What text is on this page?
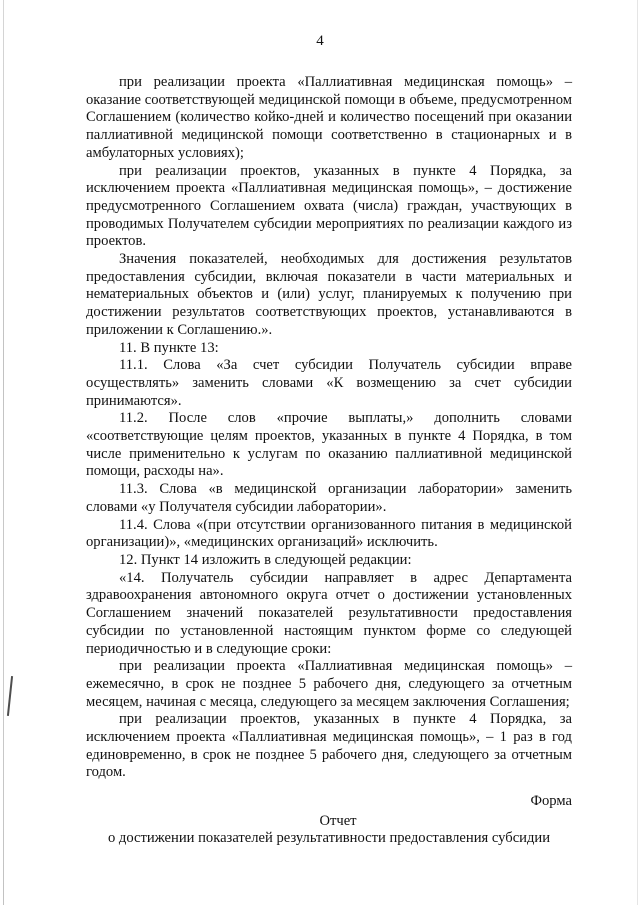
4

при реализации проекта «Паллиативная медицинская помощь» – оказание соответствующей медицинской помощи в объеме, предусмотренном Соглашением (количество койко-дней и количество посещений при оказании паллиативной медицинской помощи соответственно в стационарных и в амбулаторных условиях);

при реализации проектов, указанных в пункте 4 Порядка, за исключением проекта «Паллиативная медицинская помощь», – достижение предусмотренного Соглашением охвата (числа) граждан, участвующих в проводимых Получателем субсидии мероприятиях по реализации каждого из проектов.

Значения показателей, необходимых для достижения результатов предоставления субсидии, включая показатели в части материальных и нематериальных объектов и (или) услуг, планируемых к получению при достижении результатов соответствующих проектов, устанавливаются в приложении к Соглашению.».

11. В пункте 13:

11.1. Слова «За счет субсидии Получатель субсидии вправе осуществлять» заменить словами «К возмещению за счет субсидии принимаются».

11.2. После слов «прочие выплаты,» дополнить словами «соответствующие целям проектов, указанных в пункте 4 Порядка, в том числе применительно к услугам по оказанию паллиативной медицинской помощи, расходы на».

11.3. Слова «в медицинской организации лаборатории» заменить словами «у Получателя субсидии лаборатории».

11.4. Слова «(при отсутствии организованного питания в медицинской организации)», «медицинских организаций» исключить.

12. Пункт 14 изложить в следующей редакции:

«14. Получатель субсидии направляет в адрес Департамента здравоохранения автономного округа отчет о достижении установленных Соглашением значений показателей результативности предоставления субсидии по установленной настоящим пунктом форме со следующей периодичностью и в следующие сроки:

при реализации проекта «Паллиативная медицинская помощь» – ежемесячно, в срок не позднее 5 рабочего дня, следующего за отчетным месяцем, начиная с месяца, следующего за месяцем заключения Соглашения;

при реализации проектов, указанных в пункте 4 Порядка, за исключением проекта «Паллиативная медицинская помощь», – 1 раз в год единовременно, в срок не позднее 5 рабочего дня, следующего за отчетным годом.

Форма
Отчет
о достижении показателей результативности предоставления субсидии
